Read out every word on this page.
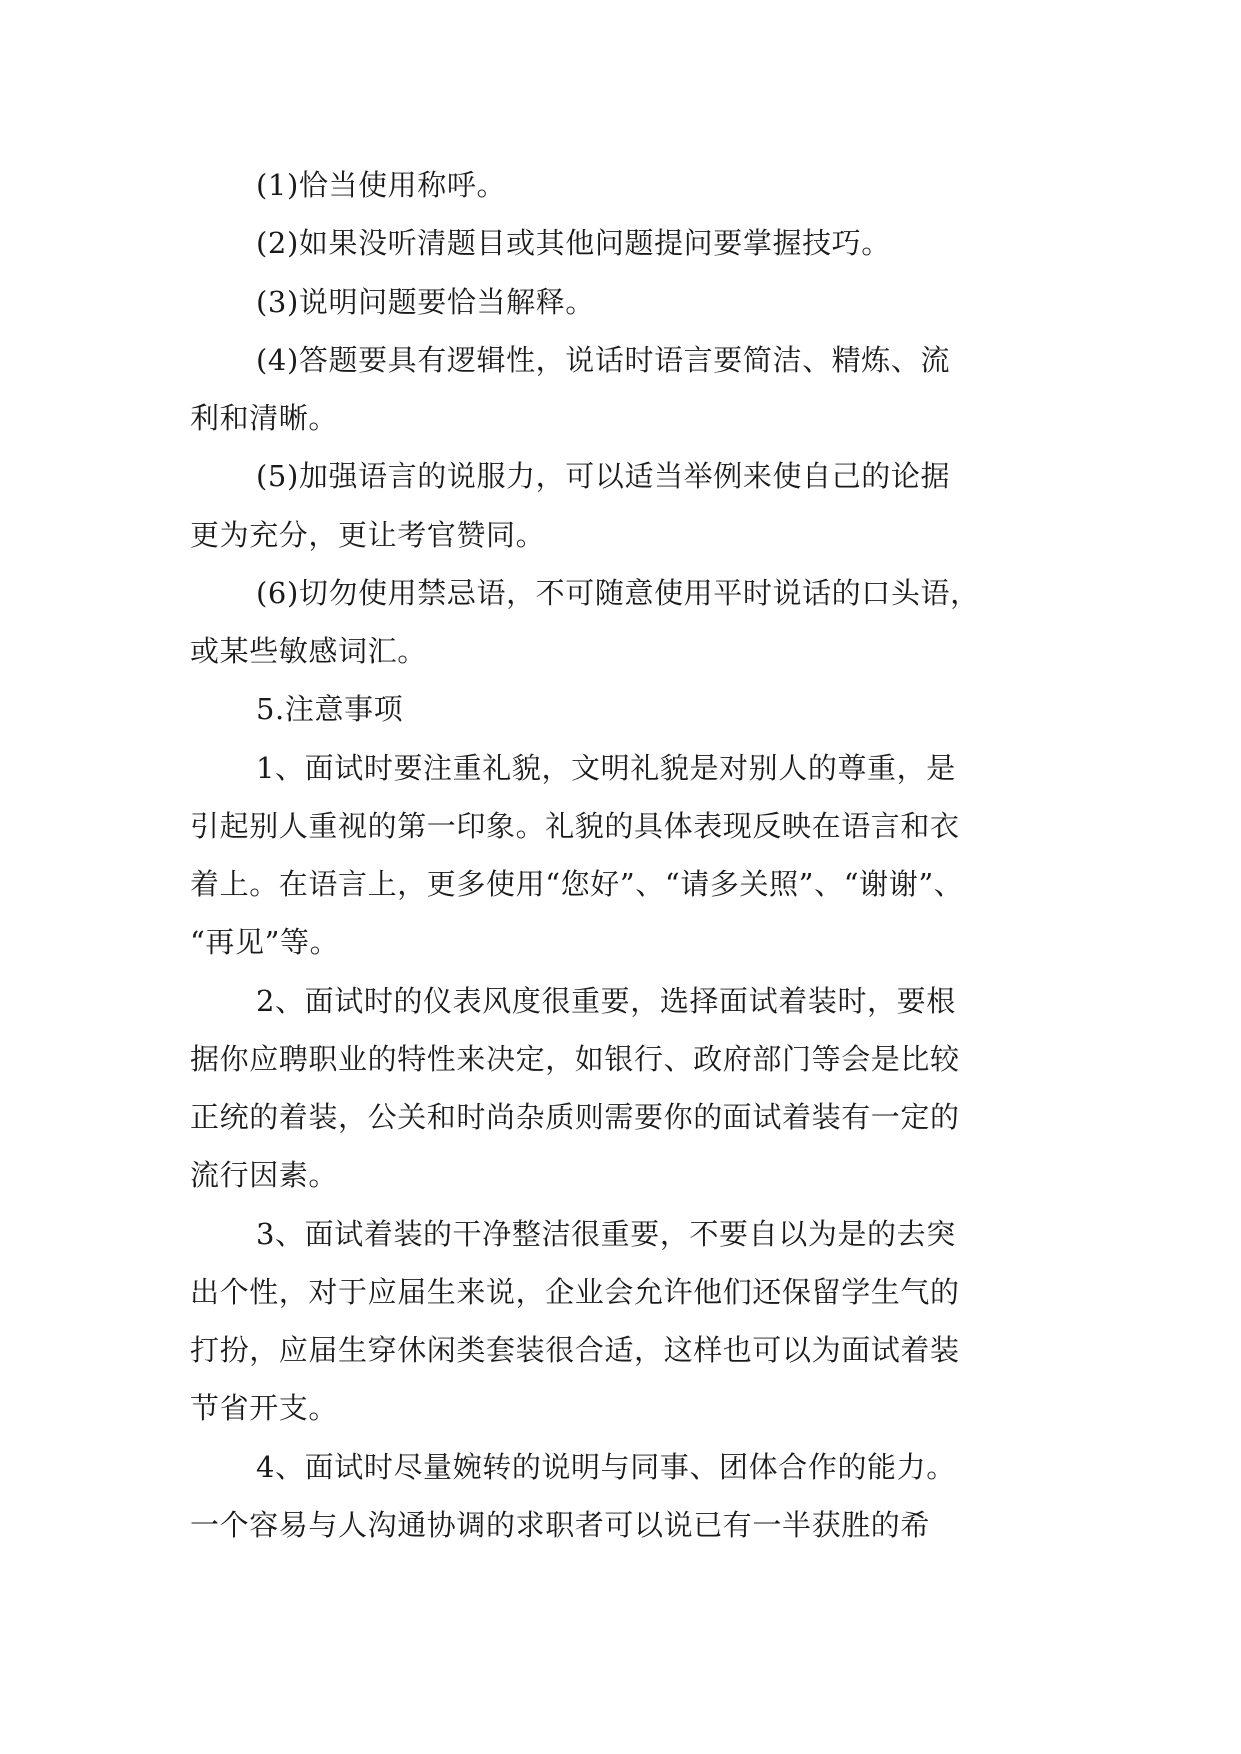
(1)恰当使用称呼。
(2)如果没听清题目或其他问题提问要掌握技巧。
(3)说明问题要恰当解释。
(4)答题要具有逻辑性，说话时语言要简洁、精炼、流
利和清晰。
(5)加强语言的说服力，可以适当举例来使自己的论据
更为充分，更让考官赞同。
(6)切勿使用禁忌语，不可随意使用平时说话的口头语，
或某些敏感词汇。
5.注意事项
1、面试时要注重礼貌，文明礼貌是对别人的尊重，是
引起别人重视的第一印象。礼貌的具体表现反映在语言和衣
着上。在语言上，更多使用“您好”、“请多关照”、“谢谢”、
“再见”等。
2、面试时的仪表风度很重要，选择面试着装时，要根
据你应聘职业的特性来决定，如银行、政府部门等会是比较
正统的着装，公关和时尚杂质则需要你的面试着装有一定的
流行因素。
3、面试着装的干净整洁很重要，不要自以为是的去突
出个性，对于应届生来说，企业会允许他们还保留学生气的
打扮，应届生穿休闲类套装很合适，这样也可以为面试着装
节省开支。
4、面试时尽量婉转的说明与同事、团体合作的能力。
一个容易与人沟通协调的求职者可以说已有一半获胜的希
